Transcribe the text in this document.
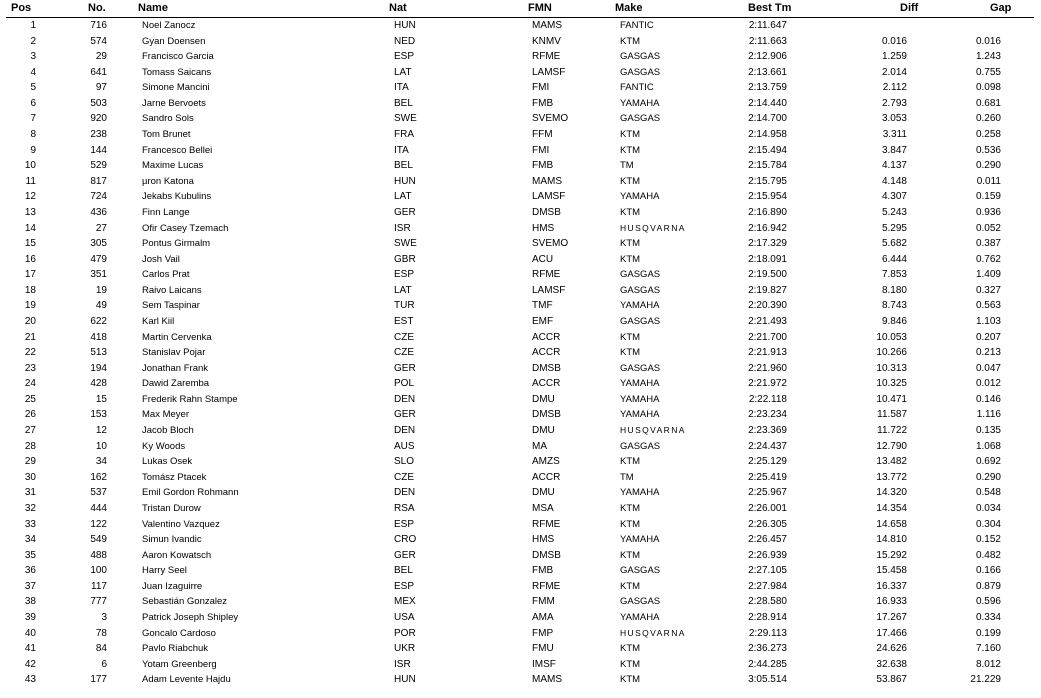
Pos	No.	Name	Nat	FMN	Make	Best Tm	Diff	Gap
1	716	Noel Zanocz	HUN	MAMS	FANTIC	2:11.647
2	574	Gyan Doensen	NED	KNMV	KTM	2:11.663	0.016	0.016
3	29	Francisco Garcia	ESP	RFME	GASGAS	2:12.906	1.259	1.243
4	641	Tomass Saicans	LAT	LAMSF	GASGAS	2:13.661	2.014	0.755
5	97	Simone Mancini	ITA	FMI	FANTIC	2:13.759	2.112	0.098
6	503	Jarne Bervoets	BEL	FMB	YAMAHA	2:14.440	2.793	0.681
7	920	Sandro Sols	SWE	SVEMO	GASGAS	2:14.700	3.053	0.260
8	238	Tom Brunet	FRA	FFM	KTM	2:14.958	3.311	0.258
9	144	Francesco Bellei	ITA	FMI	KTM	2:15.494	3.847	0.536
10	529	Maxime Lucas	BEL	FMB	TM	2:15.784	4.137	0.290
11	817	µron Katona	HUN	MAMS	KTM	2:15.795	4.148	0.011
12	724	Jekabs Kubulins	LAT	LAMSF	YAMAHA	2:15.954	4.307	0.159
13	436	Finn Lange	GER	DMSB	KTM	2:16.890	5.243	0.936
14	27	Ofir Casey Tzemach	ISR	HMS	HUSQVARNA	2:16.942	5.295	0.052
15	305	Pontus Girmalm	SWE	SVEMO	KTM	2:17.329	5.682	0.387
16	479	Josh Vail	GBR	ACU	KTM	2:18.091	6.444	0.762
17	351	Carlos Prat	ESP	RFME	GASGAS	2:19.500	7.853	1.409
18	19	Raivo Laicans	LAT	LAMSF	GASGAS	2:19.827	8.180	0.327
19	49	Sem Taspinar	TUR	TMF	YAMAHA	2:20.390	8.743	0.563
20	622	Karl Kiil	EST	EMF	GASGAS	2:21.493	9.846	1.103
21	418	Martin Cervenka	CZE	ACCR	KTM	2:21.700	10.053	0.207
22	513	Stanislav Pojar	CZE	ACCR	KTM	2:21.913	10.266	0.213
23	194	Jonathan Frank	GER	DMSB	GASGAS	2:21.960	10.313	0.047
24	428	Dawid Zaremba	POL	ACCR	YAMAHA	2:21.972	10.325	0.012
25	15	Frederik Rahn Stampe	DEN	DMU	YAMAHA	2:22.118	10.471	0.146
26	153	Max Meyer	GER	DMSB	YAMAHA	2:23.234	11.587	1.116
27	12	Jacob Bloch	DEN	DMU	HUSQVARNA	2:23.369	11.722	0.135
28	10	Ky Woods	AUS	MA	GASGAS	2:24.437	12.790	1.068
29	34	Lukas Osek	SLO	AMZS	KTM	2:25.129	13.482	0.692
30	162	Tomász Ptacek	CZE	ACCR	TM	2:25.419	13.772	0.290
31	537	Emil Gordon Rohmann	DEN	DMU	YAMAHA	2:25.967	14.320	0.548
32	444	Tristan Durow	RSA	MSA	KTM	2:26.001	14.354	0.034
33	122	Valentino Vazquez	ESP	RFME	KTM	2:26.305	14.658	0.304
34	549	Simun Ivandic	CRO	HMS	YAMAHA	2:26.457	14.810	0.152
35	488	Aaron Kowatsch	GER	DMSB	KTM	2:26.939	15.292	0.482
36	100	Harry Seel	BEL	FMB	GASGAS	2:27.105	15.458	0.166
37	117	Juan Izaguirre	ESP	RFME	KTM	2:27.984	16.337	0.879
38	777	Sebastián Gonzalez	MEX	FMM	GASGAS	2:28.580	16.933	0.596
39	3	Patrick Joseph Shipley	USA	AMA	YAMAHA	2:28.914	17.267	0.334
40	78	Goncalo Cardoso	POR	FMP	HUSQVARNA	2:29.113	17.466	0.199
41	84	Pavlo Riabchuk	UKR	FMU	KTM	2:36.273	24.626	7.160
42	6	Yotam Greenberg	ISR	IMSF	KTM	2:44.285	32.638	8.012
43	177	Adam Levente Hajdu	HUN	MAMS	KTM	3:05.514	53.867	21.229
